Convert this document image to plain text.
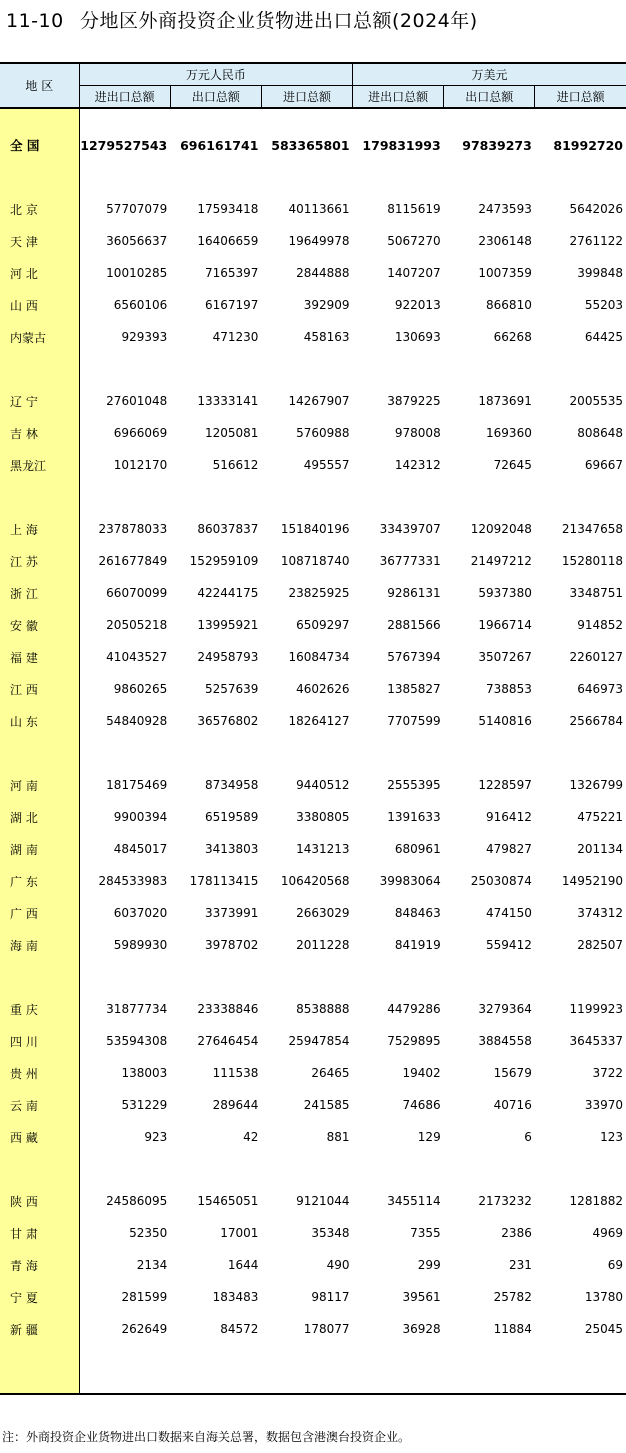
11-10 分地区外商投资企业货物进出口总额(2024年)
地 区	万元人民币			万美元		
	进出口总额	出口总额	进口总额	进出口总额	出口总额	进口总额

全 国	1279527543	696161741	583365801	179831993	97839273	81992720

北 京	57707079	17593418	40113661	8115619	2473593	5642026
天 津	36056637	16406659	19649978	5067270	2306148	2761122
河 北	10010285	7165397	2844888	1407207	1007359	399848
山 西	6560106	6167197	392909	922013	866810	55203
内蒙古	929393	471230	458163	130693	66268	64425

辽 宁	27601048	13333141	14267907	3879225	1873691	2005535
吉 林	6966069	1205081	5760988	978008	169360	808648
黑龙江	1012170	516612	495557	142312	72645	69667

上 海	237878033	86037837	151840196	33439707	12092048	21347658
江 苏	261677849	152959109	108718740	36777331	21497212	15280118
浙 江	66070099	42244175	23825925	9286131	5937380	3348751
安 徽	20505218	13995921	6509297	2881566	1966714	914852
福 建	41043527	24958793	16084734	5767394	3507267	2260127
江 西	9860265	5257639	4602626	1385827	738853	646973
山 东	54840928	36576802	18264127	7707599	5140816	2566784

河 南	18175469	8734958	9440512	2555395	1228597	1326799
湖 北	9900394	6519589	3380805	1391633	916412	475221
湖 南	4845017	3413803	1431213	680961	479827	201134
广 东	284533983	178113415	106420568	39983064	25030874	14952190
广 西	6037020	3373991	2663029	848463	474150	374312
海 南	5989930	3978702	2011228	841919	559412	282507

重 庆	31877734	23338846	8538888	4479286	3279364	1199923
四 川	53594308	27646454	25947854	7529895	3884558	3645337
贵 州	138003	111538	26465	19402	15679	3722
云 南	531229	289644	241585	74686	40716	33970
西 藏	923	42	881	129	6	123

陕 西	24586095	15465051	9121044	3455114	2173232	1281882
甘 肃	52350	17001	35348	7355	2386	4969
青 海	2134	1644	490	299	231	69
宁 夏	281599	183483	98117	39561	25782	13780
新 疆	262649	84572	178077	36928	11884	25045

注：外商投资企业货物进出口数据来自海关总署，数据包含港澳台投资企业。
